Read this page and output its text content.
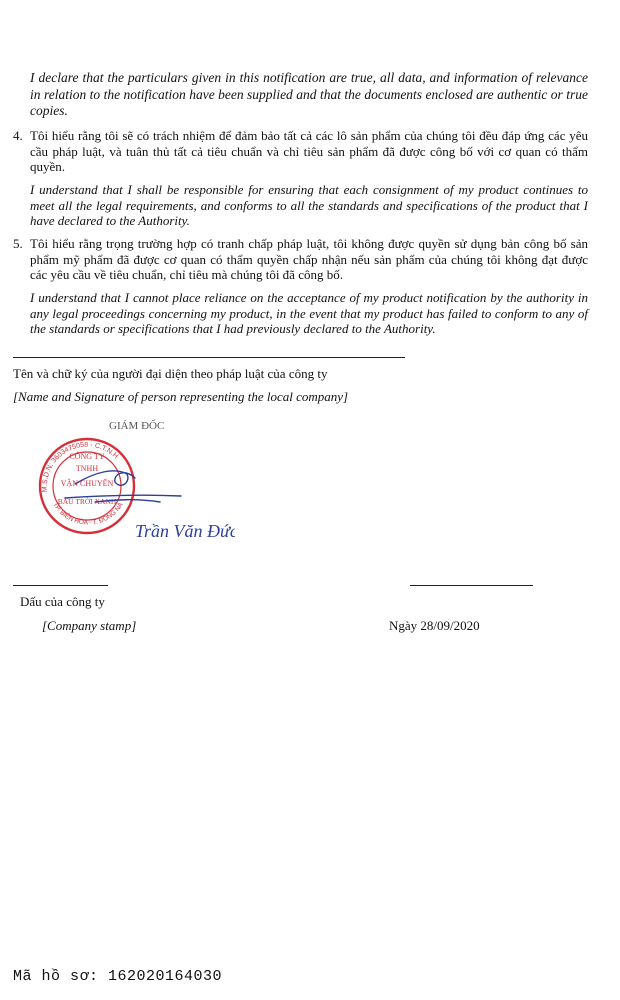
I declare that the particulars given in this notification are true, all data, and information of relevance in relation to the notification have been supplied and that the documents enclosed are authentic or true copies.
4. Tôi hiểu rằng tôi sẽ có trách nhiệm để đảm bảo tất cả các lô sản phẩm của chúng tôi đều đáp ứng các yêu cầu pháp luật, và tuân thủ tất cả tiêu chuẩn và chỉ tiêu sản phẩm đã được công bố với cơ quan có thẩm quyền.
I understand that I shall be responsible for ensuring that each consignment of my product continues to meet all the legal requirements, and conforms to all the standards and specifications of the product that I have declared to the Authority.
5. Tôi hiểu rằng trọng trường hợp có tranh chấp pháp luật, tôi không được quyền sử dụng bản công bố sản phẩm mỹ phẩm đã được cơ quan có thẩm quyền chấp nhận nếu sản phẩm của chúng tôi không đạt được các yêu cầu về tiêu chuẩn, chỉ tiêu mà chúng tôi đã công bố.
I understand that I cannot place reliance on the acceptance of my product notification by the authority in any legal proceedings concerning my product, in the event that my product has failed to conform to any of the standards or specifications that I had previously declared to the Authority.
Tên và chữ ký của người đại diện theo pháp luật của công ty
[Name and Signature of person representing the local company]
GIÁM ĐỐC
M.S.D.N: 3603475058 - C.T.N.H
TP. BIÊN HÒA - T. ĐỒNG NA
CÔNG TY
TNHH
VẬN CHUYỂN
BẦU TRỜI XANH
Trần Văn Đức
Dấu của công ty
[Company stamp]	Ngày 28/09/2020
Mã hồ sơ: 162020164030
